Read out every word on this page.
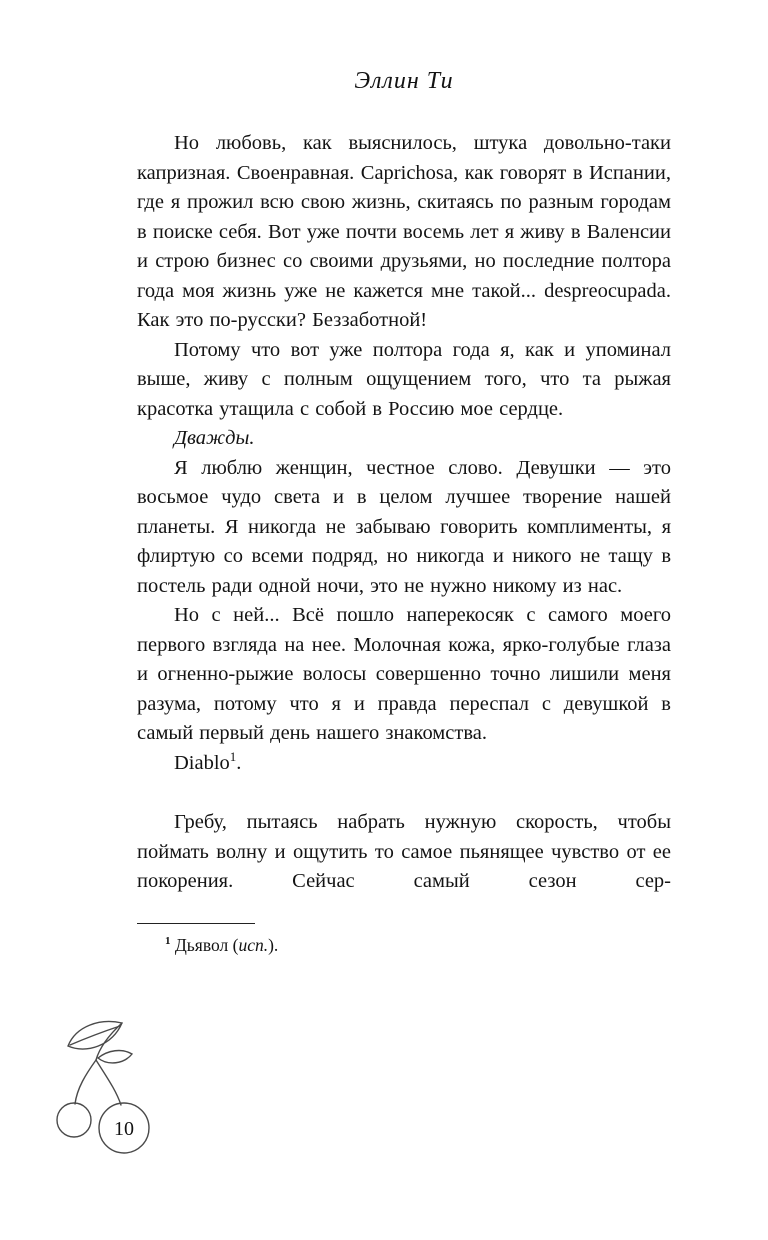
Эллин Ти

Но любовь, как выяснилось, штука довольно-таки капризная. Своенравная. Caprichosa, как говорят в Испании, где я прожил всю свою жизнь, скитаясь по разным городам в поиске себя. Вот уже почти восемь лет я живу в Валенсии и строю бизнес со своими друзьями, но последние полтора года моя жизнь уже не кажется мне такой... despreocupada. Как это по-русски? Беззаботной!

Потому что вот уже полтора года я, как и упоминал выше, живу с полным ощущением того, что та рыжая красотка утащила с собой в Россию мое сердце.

Дважды.

Я люблю женщин, честное слово. Девушки — это восьмое чудо света и в целом лучшее творение нашей планеты. Я никогда не забываю говорить комплименты, я флиртую со всеми подряд, но никогда и никого не тащу в постель ради одной ночи, это не нужно никому из нас.

Но с ней... Всё пошло наперекосяк с самого моего первого взгляда на нее. Молочная кожа, ярко-голубые глаза и огненно-рыжие волосы совершенно точно лишили меня разума, потому что я и правда переспал с девушкой в самый первый день нашего знакомства.

Diablo$^1$.

Гребу, пытаясь набрать нужную скорость, чтобы поймать волну и ощутить то самое пьянящее чувство от ее покорения. Сейчас самый сезон сер-

$^1$ Дьявол (исп.).

10
